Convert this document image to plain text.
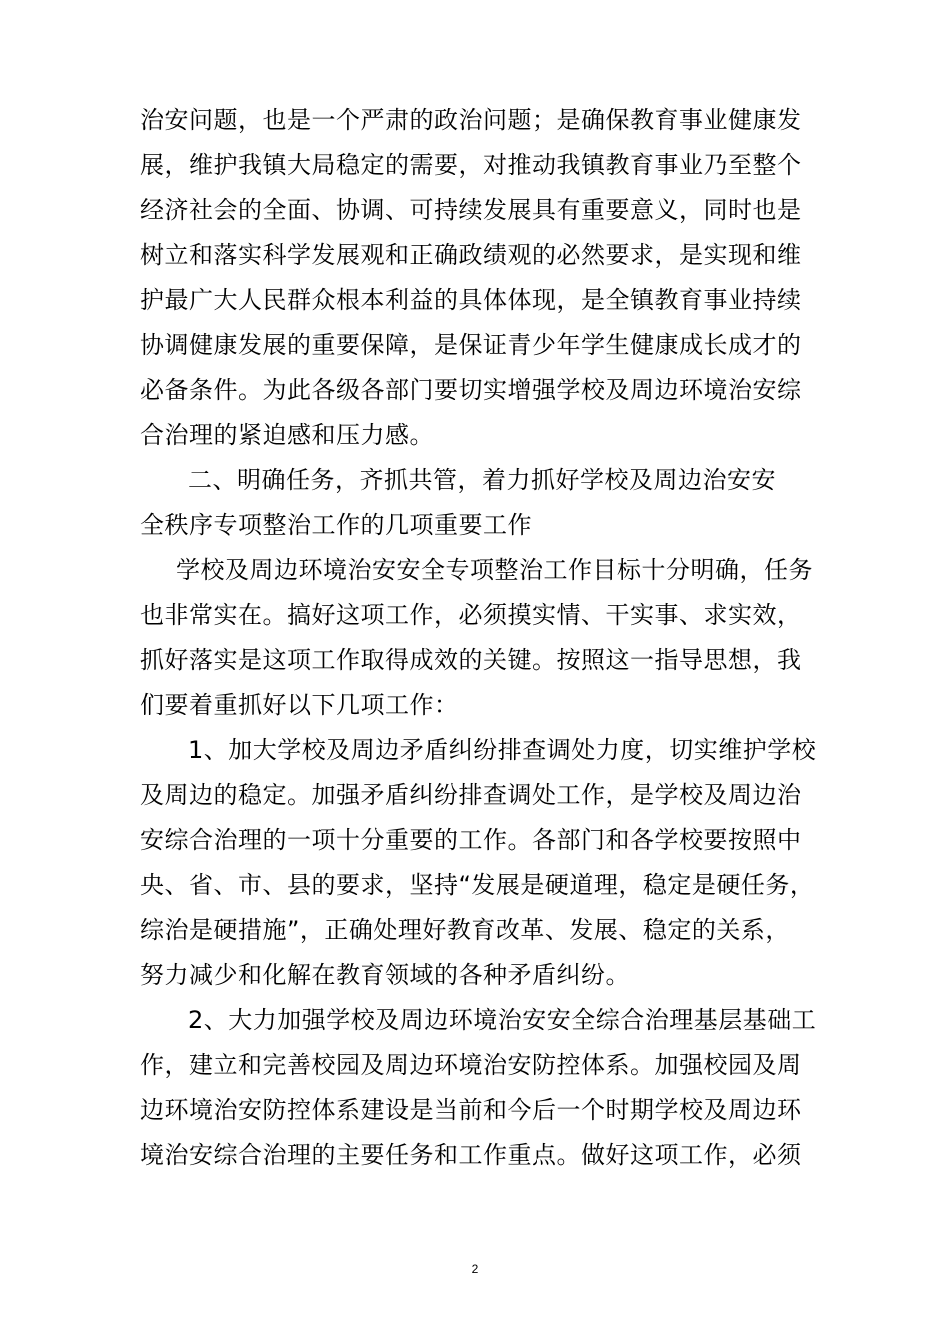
治安问题，也是一个严肃的政治问题；是确保教育事业健康发
展，维护我镇大局稳定的需要，对推动我镇教育事业乃至整个
经济社会的全面、协调、可持续发展具有重要意义，同时也是
树立和落实科学发展观和正确政绩观的必然要求，是实现和维
护最广大人民群众根本利益的具体体现，是全镇教育事业持续
协调健康发展的重要保障，是保证青少年学生健康成长成才的
必备条件。为此各级各部门要切实增强学校及周边环境治安综
合治理的紧迫感和压力感。
二、明确任务，齐抓共管，着力抓好学校及周边治安安
全秩序专项整治工作的几项重要工作
学校及周边环境治安安全专项整治工作目标十分明确，任务
也非常实在。搞好这项工作，必须摸实情、干实事、求实效，
抓好落实是这项工作取得成效的关键。按照这一指导思想，我
们要着重抓好以下几项工作：
1、加大学校及周边矛盾纠纷排查调处力度，切实维护学校
及周边的稳定。加强矛盾纠纷排查调处工作，是学校及周边治
安综合治理的一项十分重要的工作。各部门和各学校要按照中
央、省、市、县的要求，坚持“发展是硬道理，稳定是硬任务，
综治是硬措施”，正确处理好教育改革、发展、稳定的关系，
努力减少和化解在教育领域的各种矛盾纠纷。
2、大力加强学校及周边环境治安安全综合治理基层基础工
作，建立和完善校园及周边环境治安防控体系。加强校园及周
边环境治安防控体系建设是当前和今后一个时期学校及周边环
境治安综合治理的主要任务和工作重点。做好这项工作，必须
2
